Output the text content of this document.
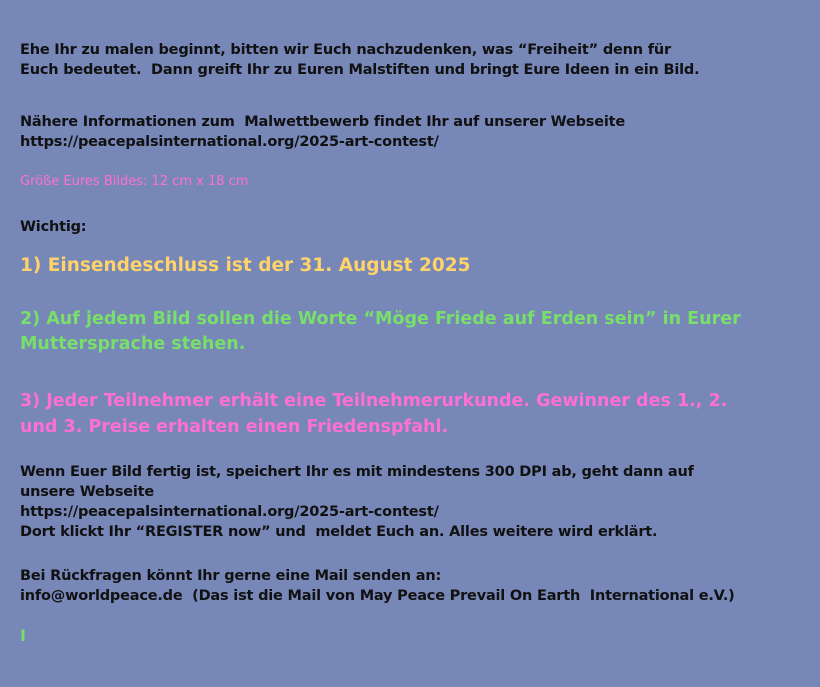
Ehe Ihr zu malen beginnt, bitten wir Euch nachzudenken, was “Freiheit” denn für

Euch bedeutet.  Dann greift Ihr zu Euren Malstiften und bringt Eure Ideen in ein Bild.

Nähere Informationen zum  Malwettbewerb findet Ihr auf unserer Webseite

https://peacepalsinternational.org/2025-art-contest/

Größe Eures Bildes: 12 cm x 18 cm

Wichtig:

1) Einsendeschluss ist der 31. August 2025

2) Auf jedem Bild sollen die Worte “Möge Friede auf Erden sein” in Eurer

Muttersprache stehen.

3) Jeder Teilnehmer erhält eine Teilnehmerurkunde. Gewinner des 1., 2.

und 3. Preise erhalten einen Friedenspfahl.

Wenn Euer Bild fertig ist, speichert Ihr es mit mindestens 300 DPI ab, geht dann auf

unsere Webseite

https://peacepalsinternational.org/2025-art-contest/

Dort klickt Ihr “REGISTER now” und  meldet Euch an. Alles weitere wird erklärt.

Bei Rückfragen könnt Ihr gerne eine Mail senden an:

info@worldpeace.de  (Das ist die Mail von May Peace Prevail On Earth  International e.V.)

I
